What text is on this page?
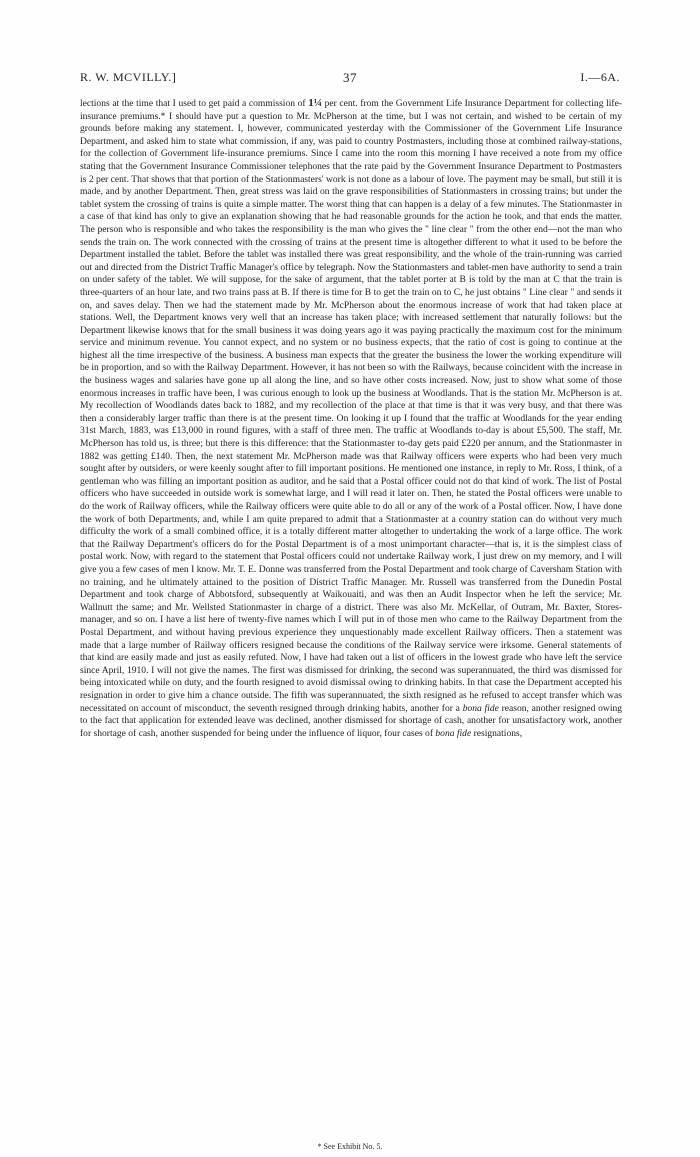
R. W. MCVILLY.]	37	I.—6A.

lections at the time that I used to get paid a commission of 1¼ per cent. from the Government Life Insurance Department for collecting life-insurance premiums.* I should have put a question to Mr. McPherson at the time, but I was not certain, and wished to be certain of my grounds before making any statement. I, however, communicated yesterday with the Commissioner of the Government Life Insurance Department, and asked him to state what commission, if any, was paid to country Postmasters, including those at combined railway-stations, for the collection of Government life-insurance premiums. Since I came into the room this morning I have received a note from my office stating that the Government Insurance Commissioner telephones that the rate paid by the Government Insurance Department to Postmasters is 2 per cent. That shows that that portion of the Stationmasters' work is not done as a labour of love. The payment may be small, but still it is made, and by another Department. Then, great stress was laid on the grave responsibilities of Stationmasters in crossing trains; but under the tablet system the crossing of trains is quite a simple matter. The worst thing that can happen is a delay of a few minutes. The Stationmaster in a case of that kind has only to give an explanation showing that he had reasonable grounds for the action he took, and that ends the matter. The person who is responsible and who takes the responsibility is the man who gives the " line clear " from the other end—not the man who sends the train on. The work connected with the crossing of trains at the present time is altogether different to what it used to be before the Department installed the tablet. Before the tablet was installed there was great responsibility, and the whole of the train-running was carried out and directed from the District Traffic Manager's office by telegraph. Now the Stationmasters and tablet-men have authority to send a train on under safety of the tablet. We will suppose, for the sake of argument, that the tablet porter at B is told by the man at C that the train is three-quarters of an hour late, and two trains pass at B. If there is time for B to get the train on to C, he just obtains " Line clear " and sends it on, and saves delay. Then we had the statement made by Mr. McPherson about the enormous increase of work that had taken place at stations. Well, the Department knows very well that an increase has taken place; with increased settlement that naturally follows: but the Department likewise knows that for the small business it was doing years ago it was paying practically the maximum cost for the minimum service and minimum revenue. You cannot expect, and no system or no business expects, that the ratio of cost is going to continue at the highest all the time irrespective of the business. A business man expects that the greater the business the lower the working expenditure will be in proportion, and so with the Railway Department. However, it has not been so with the Railways, because coincident with the increase in the business wages and salaries have gone up all along the line, and so have other costs increased. Now, just to show what some of those enormous increases in traffic have been, I was curious enough to look up the business at Woodlands. That is the station Mr. McPherson is at. My recollection of Woodlands dates back to 1882, and my recollection of the place at that time is that it was very busy, and that there was then a considerably larger traffic than there is at the present time. On looking it up I found that the traffic at Woodlands for the year ending 31st March, 1883, was £13,000 in round figures, with a staff of three men. The traffic at Woodlands to-day is about £5,500. The staff, Mr. McPherson has told us, is three; but there is this difference: that the Stationmaster to-day gets paid £220 per annum, and the Stationmaster in 1882 was getting £140. Then, the next statement Mr. McPherson made was that Railway officers were experts who had been very much sought after by outsiders, or were keenly sought after to fill important positions. He mentioned one instance, in reply to Mr. Ross, I think, of a gentleman who was filling an important position as auditor, and he said that a Postal officer could not do that kind of work. The list of Postal officers who have succeeded in outside work is somewhat large, and I will read it later on. Then, he stated the Postal officers were unable to do the work of Railway officers, while the Railway officers were quite able to do all or any of the work of a Postal officer. Now, I have done the work of both Departments, and, while I am quite prepared to admit that a Stationmaster at a country station can do without very much difficulty the work of a small combined office, it is a totally different matter altogether to undertaking the work of a large office. The work that the Railway Department's officers do for the Postal Department is of a most unimportant character—that is, it is the simplest class of postal work. Now, with regard to the statement that Postal officers could not undertake Railway work, I just drew on my memory, and I will give you a few cases of men I know. Mr. T. E. Donne was transferred from the Postal Department and took charge of Caversham Station with no training, and he ultimately attained to the position of District Traffic Manager. Mr. Russell was transferred from the Dunedin Postal Department and took charge of Abbotsford, subsequently at Waikouaiti, and was then an Audit Inspector when he left the service; Mr. Wallnutt the same; and Mr. Wellsted Stationmaster in charge of a district. There was also Mr. McKellar, of Outram, Mr. Baxter, Stores-manager, and so on. I have a list here of twenty-five names which I will put in of those men who came to the Railway Department from the Postal Department, and without having previous experience they unquestionably made excellent Railway officers. Then a statement was made that a large number of Railway officers resigned because the conditions of the Railway service were irksome. General statements of that kind are easily made and just as easily refuted. Now, I have had taken out a list of officers in the lowest grade who have left the service since April, 1910. I will not give the names. The first was dismissed for drinking, the second was superannuated, the third was dismissed for being intoxicated while on duty, and the fourth resigned to avoid dismissal owing to drinking habits. In that case the Department accepted his resignation in order to give him a chance outside. The fifth was superannuated, the sixth resigned as he refused to accept transfer which was necessitated on account of misconduct, the seventh resigned through drinking habits, another for a bona fide reason, another resigned owing to the fact that application for extended leave was declined, another dismissed for shortage of cash, another for unsatisfactory work, another for shortage of cash, another suspended for being under the influence of liquor, four cases of bona fide resignations,

* See Exhibit No. 5.
